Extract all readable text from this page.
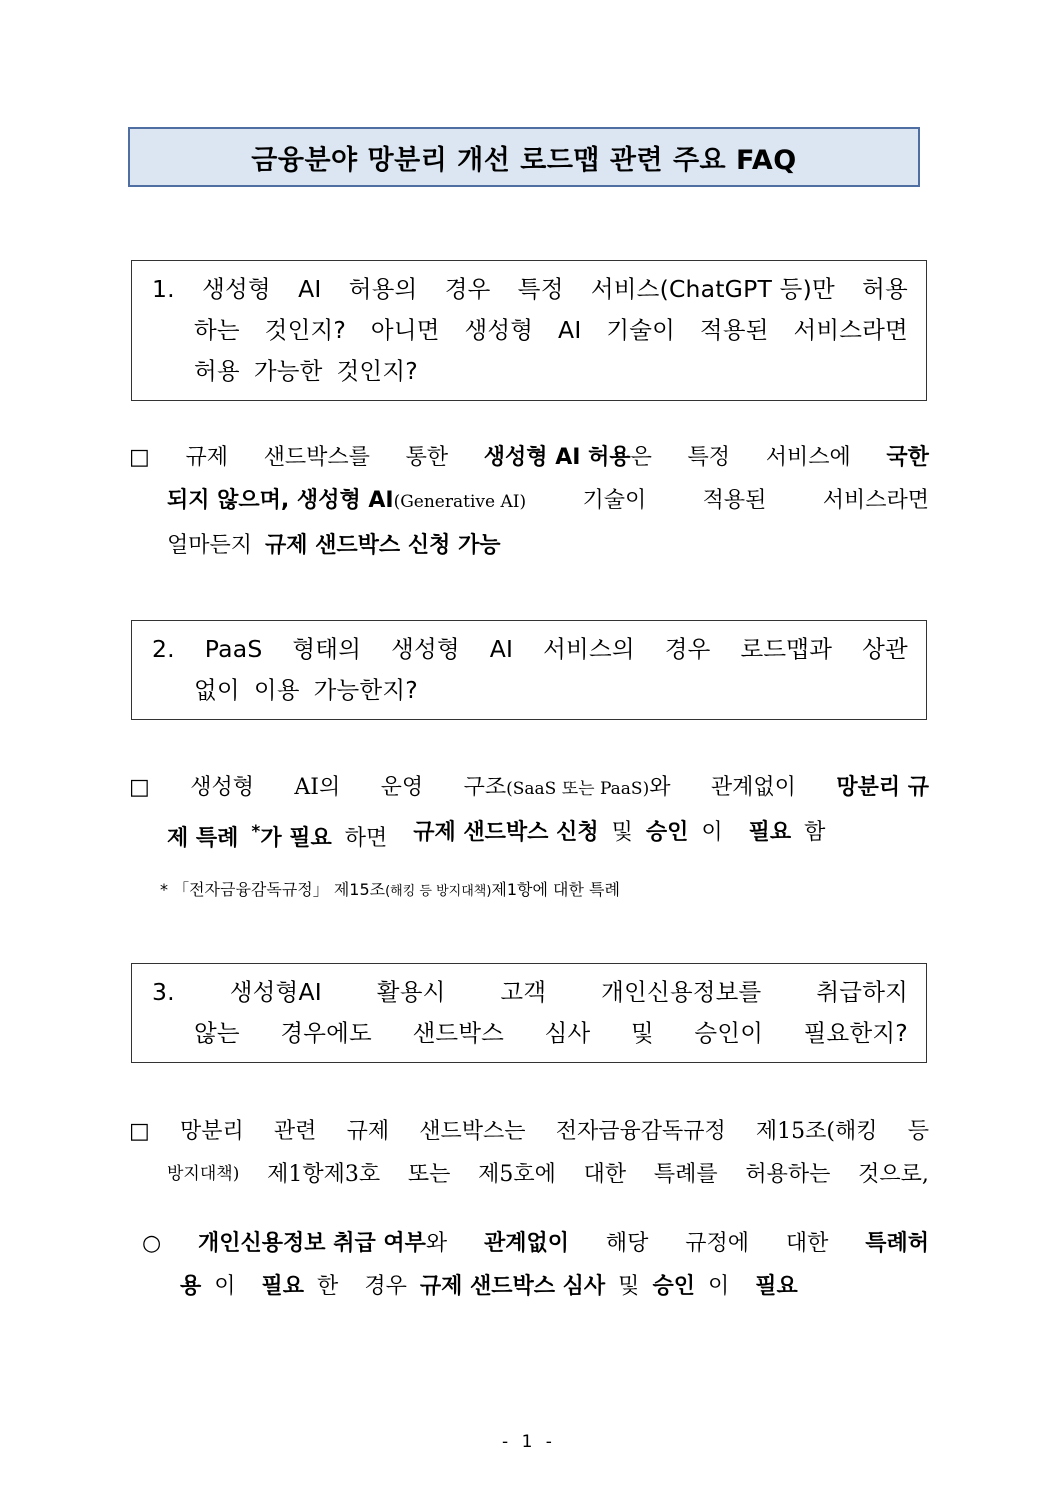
금융분야 망분리 개선 로드맵 관련 주요 FAQ
1. 생성형 AI 허용의 경우 특정 서비스(ChatGPT 등)만 허용
하는 것인지? 아니면 생성형 AI 기술이 적용된 서비스라면
허용 가능한 것인지?
□ 규제 샌드박스를 통한 생성형 AI 허용은 특정 서비스에 국한
되지 않으며, 생성형 AI(Generative AI)	기술이	적용된	서비스라면
얼마든지 규제 샌드박스 신청 가능
2. PaaS 형태의 생성형 AI 서비스의 경우 로드맵과 상관
없이 이용 가능한지?
□ 생성형 AI의 운영 구조(SaaS 또는 PaaS)와 관계없이 망분리 규
제 특례 *가 필요 하면	규제 샌드박스 신청 및 승인 이	필요 함
* 「전자금융감독규정」 제15조(해킹 등 방지대책)제1항에 대한 특례
3. 생성형AI 활용시 고객 개인신용정보를 취급하지
않는 경우에도 샌드박스 심사 및 승인이 필요한지?
□ 망분리 관련 규제 샌드박스는 전자금융감독규정 제15조(해킹 등
방지대책) 제1항제3호 또는 제5호에 대한 특례를 허용하는 것으로,
○ 개인신용정보 취급 여부와 관계없이 해당 규정에 대한 특례허
용 이	필요 한	경우 규제 샌드박스 심사 및 승인 이	필요
- 1 -
